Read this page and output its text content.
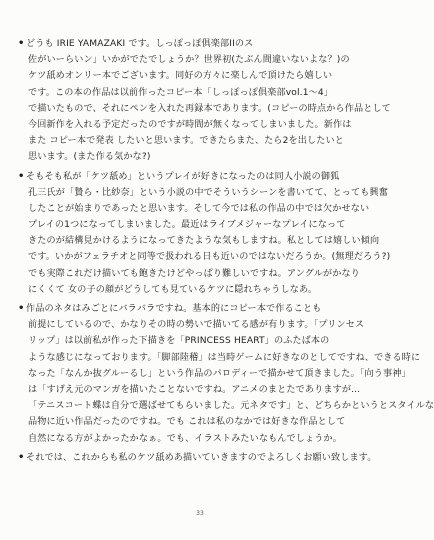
• どうも IRIE YAMAZAKI です。しっぽっぽ俱楽部IIのス
佐がいーらいン」いかがでたでしょうか？世界初(たぶん間違いないよな？)の
ケツ舐めオンリー本でございます。同好の方々に楽しんで頂けたら嬉しい
です。この本の作品は以前作ったコピー本「しっぽっぽ俱楽部vol.1〜4」
で描いたもので、それにペンを入れた再録本であります。(コピーの時点から作品として
今回新作を入れる予定だったのですが時間が無くなってしまいました。新作は
また コピー本で発表 したいと思います。できたらまた、たら2を出したいと
思います。(また作る気かな?)
• そもそも私が「ケツ舐め」というプレイが好きになったのは同人小説の御狐
孔三氏が「贄ら・比紗奈」という小説の中でそういうシーンを書いてて、とっても興奮
したことが始まりであったと思います。そして今では私の作品の中では欠かせない
プレイの1つになってしまいました。最近はライブメジャーなプレイになって
きたのが結構見かけるようになってきたような気もしますね。私としては嬉しい傾向
です。いかがフェラチオと同等で扱われる日も近いのではないだろうか。(無理だろう?)
でも実際これだけ描いても飽きたけどやっぱり難しいですね。アングルがかなり
にくくて 女の子の顔がどうしても見ているケツに隠れちゃうしなあ。
• 作品のネタはみごとにバラバラですね。基本的にコピー本で作ることも
前提にしているので、かなりその時の勢いで描いてる感が有ります。「プリンセス
リップ」は以前私が作った下描きを「PRINCESS HEART」のふたば本の
ような感じになっております。「脚部陸稽」は当時ゲームに好きなのとしてですね、できる時に
なった「なんか抜グルーるし」という作品のパロディーで描かせて頂きました。「向う事神」
は「すげえ元のマンガを描いたことないですね。アニメのまとたでありますが...
「テニスコート蝶は自分で選ばせてもらいました。元ネタです」と、どちらかというとスタイルな
品物に近い作品だったのですね。でも これは私のなかでは好きな作品として
自然になる方がよかったかなぁ。でも、イラストみたいなもんでしょうか。
• それでは、これからも私のケツ舐めあ描いていきますのでよろしくお願い致します。
33
